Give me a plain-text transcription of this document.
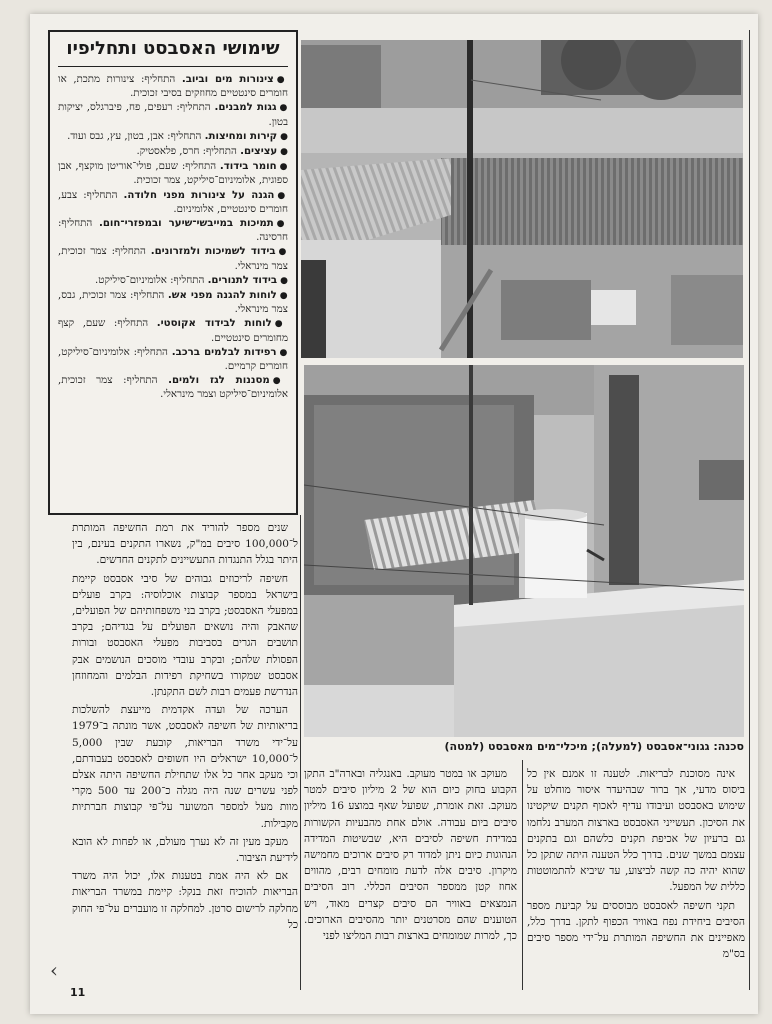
שימושי האסבסט ותחליפיו
●צינורות מים וביוב. התחליף: צינורות מתכת, או חומרים סינטטיים מחוזקים בסיבי זכוכית.
●גגות למבנים. התחליף: רעפים, פח, פיברגלס, יציקות בטון.
●קירות ומחיצות. התחליף: אבן, בטון, עץ, גבס ועוד.
●עציצים. התחליף: חרס, פלאסטיק.
●חומר בידוד. התחליף: שעם, פולי־אוריטן מוקצף, אבן ספוגית, אלומיניום־סיליקט, צמר זכוכית.
●הגנה על צינורות מפני חלודה. התחליף: צבע, חומרים סינטטיים, אלומיניום.
●תמיכות במייבשי־שיער ובמפזרי־חום. התחליף: חרסינה.
●בידוד לשמיכות ולמזרונים. התחליף: צמר זכוכית, צמר מינראלי.
●בידוד לתנורים. התחליף: אלומיניום־סיליקט.
●לוחות להגנה מפני אש. התחליף: צמר זכוכית, גבס, צמר מינראלי.
●לוחות לבידוד אקוסטי. התחליף: שעם, קצף מחומרים סינטטיים.
●רפידות לבלמים ברכב. התחליף: אלומיניום־סיליקט, חומרים קרמיים.
●מסננות לגז ולמים. התחליף: צמר זכוכית, אלומיניום־סיליקט וצמר מינראלי.
סכנה: גגוני־אסבסט (למעלה); מיכלי־מים מאסבסט (למטה)

שנים מספר להוריד את רמת החשיפה המותרת ל־100,000 סיבים במ"ק, נשארו התקנים בעינם, בין היתר בגלל התנגדות התעשיינים לתקנים החדשים.

חשיפה לריכוזים גבוהים של סיבי אסבסט קיימת בישראל במספר קבוצות אוכלוסיה: בקרב פועלים במפעלי האסבסט; בקרב בני משפחותיהם של הפועלים, שהאבק והיה נושאים הפועלים על בגדיהם; בקרב תושבים הגרים בסביבות מפעלי האסבסט ובורות הפסולת שלהם; ובקרב עובדי מוסכים הנושמים אבק אסבסט שמקורו בשחיקת רפידות הבלמים והמחוזחן הנדרשת פעמים רבות לשם התקנתן.

הערכה של ועדה אקדמית מייעצת להשלכות בריאותיות של חשיפה לאסבסט, אשר מונתה ב־1979 על־ידי משרד הבריאות, קובעת שבין 5,000 ל־10,000 ישראלים היו חשופים לאסבסט בעבודתם, וכי מעקב אחר כל אלו שתחילת החשיפה היתה אצלם לפני עשרים שנה היה מגלה כ־200 עד 500 מקרי מוות מעל למספר המשוער על־פי קבוצות חברתיות מקבילות.

מעקב מעין זה לא נערך מעולם, או לפחות לא הובא לידיעת הציבור.

אם לא היה אמת בטענות אלו, יכול היה משרד הבריאות להוכיח זאת בנקל: קיימת במשרד הבריאות מחלקה לרישום סרטן. למחלקה זו מועברים על־פי החוק כל

מעוקב או במטר מעוקב. באנגליה ובארה"ב התקן הקבוע בחוק כיום הוא של 2 מיליון סיבים למטר מעוקב. זאת אומרת, שפועל שאף במוצע 16 מיליון סיבים ביום עבודה. אולם אחת מהבעיות הקשורות במדידת חשיפה לסיבים היא, שבשיטות המדידה הנהוגות כיום ניתן למדוד רק סיבים ארוכים מחמישה מיקרון. סיבים אלה לדעת מומחים רבים, מהווים אחוז קטן ממספר הסיבים הכללי. רוב הסיבים הנמצאים באוויר הם סיבים קצרים מאוד, ויש הטוענים שהם מסרטנים יותר מהסיבים הארוכים. כך, למרות שמומחים בארצות רבות המליצו לפני

אינה מסוכנת לבריאות. לטענה זו אמנם אין כל ביסוס מדעי, אך ברור שבהיעדר איסור מוחלט על שימוש באסבסט ועיבודו עדיף לאכוף תקנים שיקטינו את הסיכון. תעשייני האסבסט בארצות המערב נלחמו גם ברעיון של אכיפת תקנים כלשהם וגם בתקנים עצמם במשך שנים. בדרך כלל הטענה היתה שתקן כל שהוא יהיה כה קשה לביצוע, עד שיביא להתמוטטות כללית של המפעל.

תקני חשיפה לאסבסט מבוססים על קביעת מספר הסיבים ביחידת נפח באוויר הכפוף לתקן. בדרך כלל, מאפיינים את החשיפה המותרת על־ידי מספר סיבים בס"מ

‹
11
